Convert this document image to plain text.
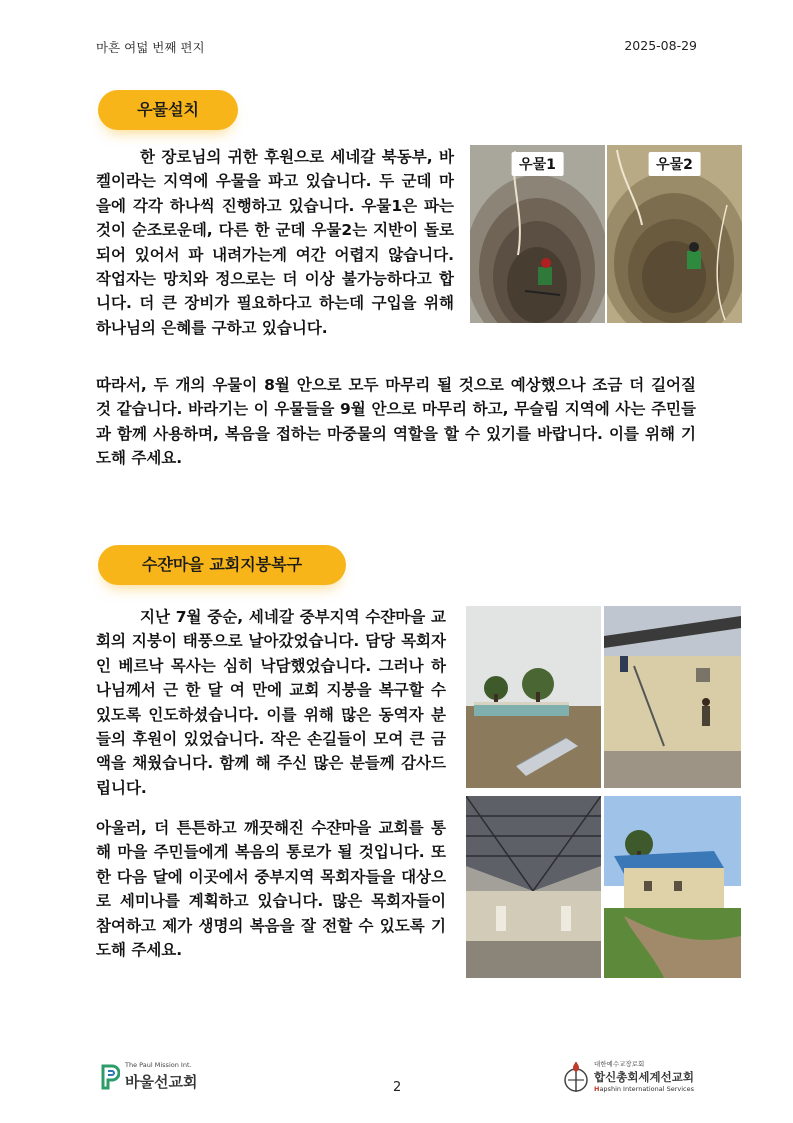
마흔 여덟 번째 편지	2025-08-29
우물설치
한 장로님의 귀한 후원으로 세네갈 북동부, 바켈이라는 지역에 우물을 파고 있습니다. 두 군데 마을에 각각 하나씩 진행하고 있습니다. 우물1은 파는 것이 순조로운데, 다른 한 군데 우물2는 지반이 돌로 되어 있어서 파 내려가는게 여간 어렵지 않습니다. 작업자는 망치와 정으로는 더 이상 불가능하다고 합니다. 더 큰 장비가 필요하다고 하는데 구입을 위해 하나님의 은혜를 구하고 있습니다.
우물1	우물2
따라서, 두 개의 우물이 8월 안으로 모두 마무리 될 것으로 예상했으나 조금 더 길어질 것 같습니다. 바라기는 이 우물들을 9월 안으로 마무리 하고, 무슬림 지역에 사는 주민들과 함께 사용하며, 복음을 접하는 마중물의 역할을 할 수 있기를 바랍니다. 이를 위해 기도해 주세요.
수쟌마을 교회지붕복구
지난 7월 중순, 세네갈 중부지역 수쟌마을 교회의 지붕이 태풍으로 날아갔었습니다. 담당 목회자인 베르낙 목사는 심히 낙담했었습니다. 그러나 하나님께서 근 한 달 여 만에 교회 지붕을 복구할 수 있도록 인도하셨습니다. 이를 위해 많은 동역자 분들의 후원이 있었습니다. 작은 손길들이 모여 큰 금액을 채웠습니다. 함께 해 주신 많은 분들께 감사드립니다.
아울러, 더 튼튼하고 깨끗해진 수쟌마을 교회를 통해 마을 주민들에게 복음의 통로가 될 것입니다. 또한 다음 달에 이곳에서 중부지역 목회자들을 대상으로 세미나를 계획하고 있습니다. 많은 목회자들이 참여하고 제가 생명의 복음을 잘 전할 수 있도록 기도해 주세요.
The Paul Mission Int.
바울선교회	2
대한예수교장로회
합신총회세계선교회
Hapshin International Services
